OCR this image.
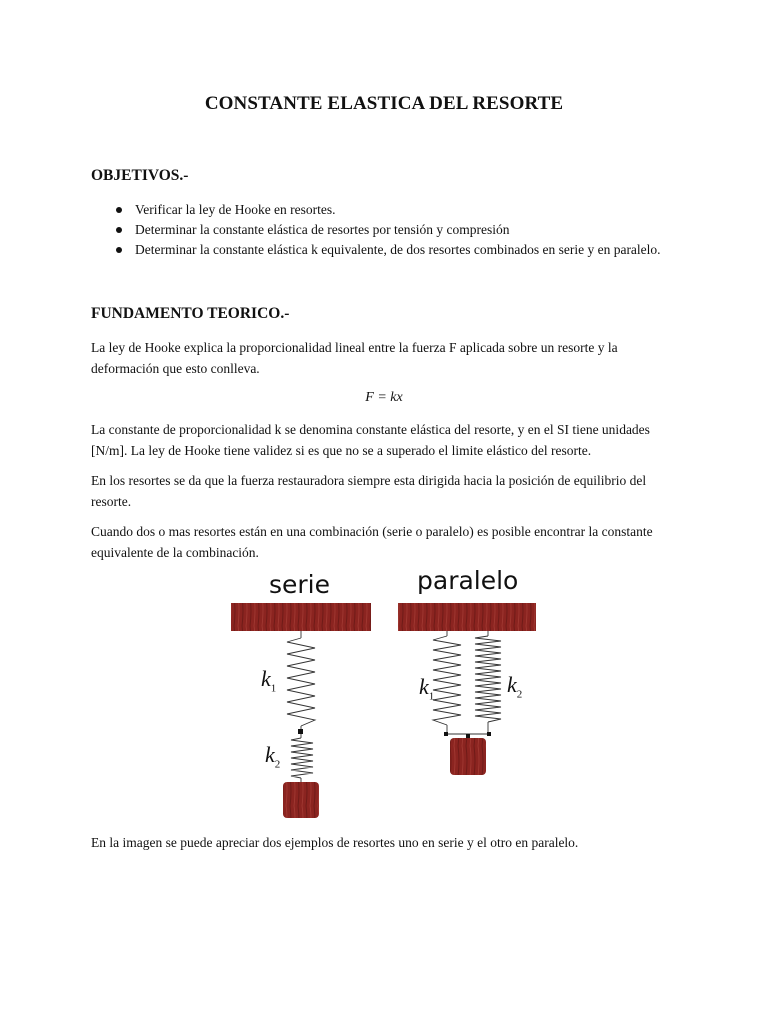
CONSTANTE ELASTICA DEL RESORTE
OBJETIVOS.-
Verificar la ley de Hooke en resortes.
Determinar la constante elástica de resortes por tensión y compresión
Determinar la constante elástica k equivalente, de dos resortes combinados en serie y en paralelo.
FUNDAMENTO TEORICO.-

La ley de Hooke explica la proporcionalidad lineal entre la fuerza F aplicada sobre un resorte y la deformación que esto conlleva.

F = kx

La constante de proporcionalidad k se denomina constante elástica del resorte, y en el SI tiene unidades [N/m]. La ley de Hooke tiene validez si es que no se a superado el limite elástico del resorte.

En los resortes se da que la fuerza restauradora siempre esta dirigida hacia la posición de equilibrio del resorte.

Cuando dos o mas resortes están en una combinación (serie o paralelo) es posible encontrar la constante equivalente de la combinación.

serie	paralelo
$k_1$
$k_2$
$k_1$	$k_2$

En la imagen se puede apreciar dos ejemplos de resortes uno en serie y el otro en paralelo.
